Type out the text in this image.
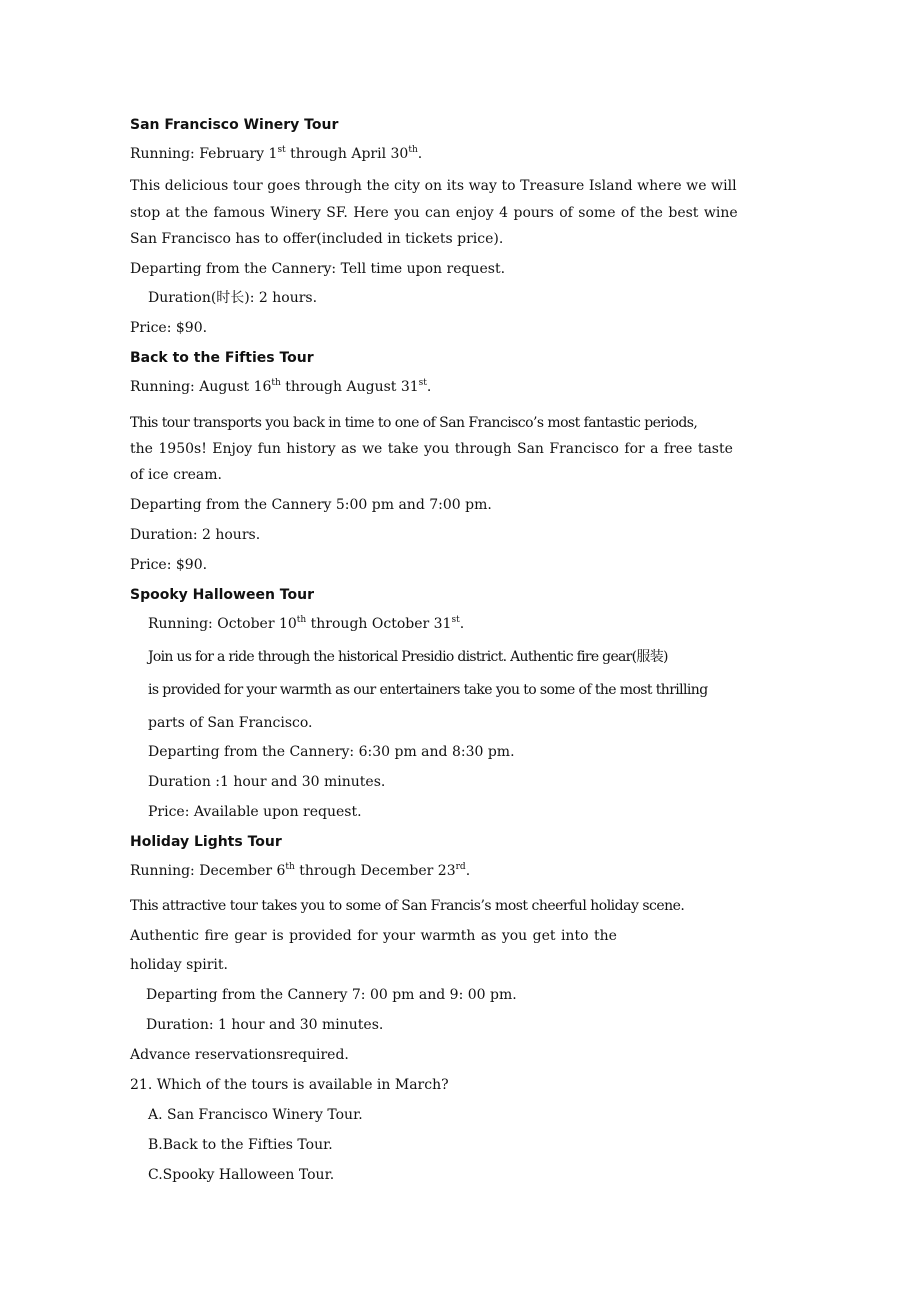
San Francisco Winery Tour
Running: February 1st through April 30th.
This delicious tour goes through the city on its way to Treasure Island where we will
stop at the famous Winery SF. Here you can enjoy 4 pours of some of the best wine
San Francisco has to offer(included in tickets price).
Departing from the Cannery: Tell time upon request.
Duration(时长): 2 hours.
Price: $90.
Back to the Fifties Tour
Running: August 16th through August 31st.
This tour transports you back in time to one of San Francisco’s most fantastic periods,
the 1950s! Enjoy fun history as we take you through San Francisco for a free taste
of ice cream.
Departing from the Cannery 5:00 pm and 7:00 pm.
Duration: 2 hours.
Price: $90.
Spooky Halloween Tour
Running: October 10th through October 31st.
Join us for a ride through the historical Presidio district. Authentic fire gear(服装)
is provided for your warmth as our entertainers take you to some of the most thrilling
parts of San Francisco.
Departing from the Cannery: 6:30 pm and 8:30 pm.
Duration :1 hour and 30 minutes.
Price: Available upon request.
Holiday Lights Tour
Running: December 6th through December 23rd.
This attractive tour takes you to some of San Francis’s most cheerful holiday scene.
Authentic fire gear is provided for your warmth as you get into the
holiday spirit.
Departing from the Cannery 7: 00 pm and 9: 00 pm.
Duration: 1 hour and 30 minutes.
Advance reservationsrequired.
21. Which of the tours is available in March?
A. San Francisco Winery Tour.
B.Back to the Fifties Tour.
C.Spooky Halloween Tour.
